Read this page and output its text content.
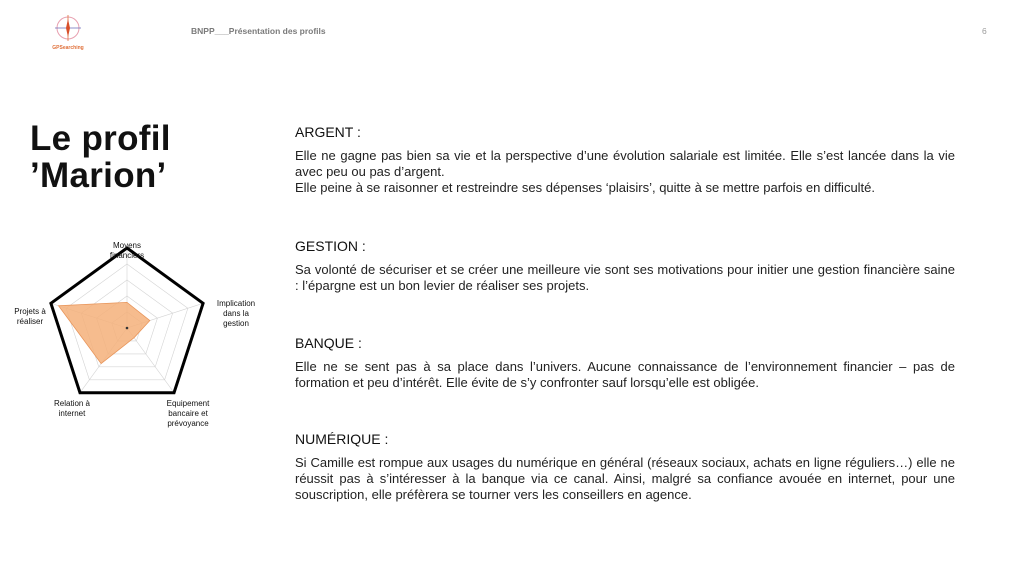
GPSearching
BNPP___Présentation des profils	6
Le profil
’Marion’
Moyens financiers
Implication dans la gestion
Equipement bancaire et prévoyance
Relation à internet
Projets à réaliser
ARGENT :

Elle ne gagne pas bien sa vie et la perspective d’une évolution salariale est limitée. Elle s’est lancée dans la vie avec peu ou pas d’argent.

Elle peine à se raisonner et restreindre ses dépenses ‘plaisirs’, quitte à se mettre parfois en difficulté.

GESTION :

Sa volonté de sécuriser et se créer une meilleure vie sont ses motivations pour initier une gestion financière saine : l’épargne est un bon levier de réaliser ses projets.

BANQUE :

Elle ne se sent pas à sa place dans l’univers. Aucune connaissance de l’environnement financier – pas de formation et peu d’intérêt. Elle évite de s’y confronter sauf lorsqu’elle est obligée.

NUMÉRIQUE :

Si Camille est rompue aux usages du numérique en général (réseaux sociaux, achats en ligne réguliers…) elle ne réussit pas à s’intéresser à la banque via ce canal. Ainsi, malgré sa confiance avouée en internet, pour une souscription, elle préfèrera se tourner vers les conseillers en agence.
